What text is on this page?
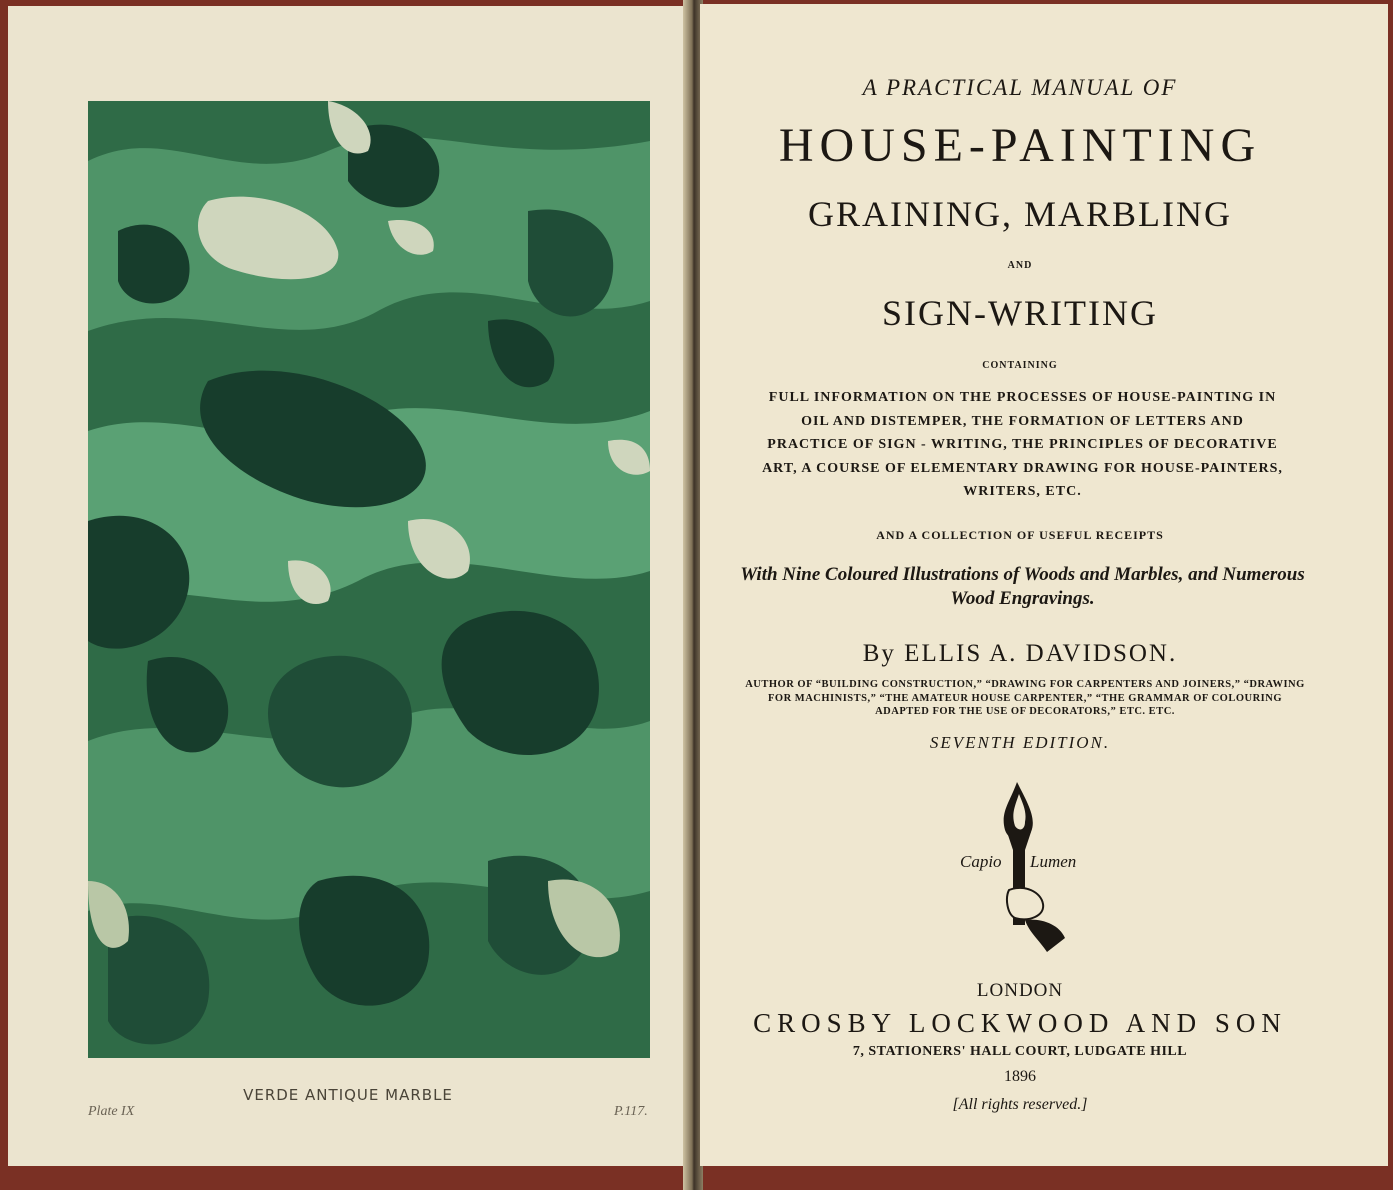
VERDE ANTIQUE MARBLE
Plate IX	P.117.
A PRACTICAL MANUAL OF
HOUSE-PAINTING
GRAINING, MARBLING
AND
SIGN-WRITING
CONTAINING
FULL INFORMATION ON THE PROCESSES OF HOUSE-PAINTING IN OIL AND DISTEMPER, THE FORMATION OF LETTERS AND PRACTICE OF SIGN - WRITING, THE PRINCIPLES OF DECORATIVE ART, A COURSE OF ELEMENTARY DRAWING FOR HOUSE-PAINTERS, WRITERS, ETC.
AND A COLLECTION OF USEFUL RECEIPTS
With Nine Coloured Illustrations of Woods and Marbles, and Numerous Wood Engravings.
By ELLIS A. DAVIDSON.
AUTHOR OF “BUILDING CONSTRUCTION,” “DRAWING FOR CARPENTERS AND JOINERS,” “DRAWING FOR MACHINISTS,” “THE AMATEUR HOUSE CARPENTER,” “THE GRAMMAR OF COLOURING ADAPTED FOR THE USE OF DECORATORS,” ETC. ETC.
SEVENTH EDITION.
Capio Lumen
LONDON
CROSBY LOCKWOOD AND SON
7, STATIONERS' HALL COURT, LUDGATE HILL
1896
[All rights reserved.]
